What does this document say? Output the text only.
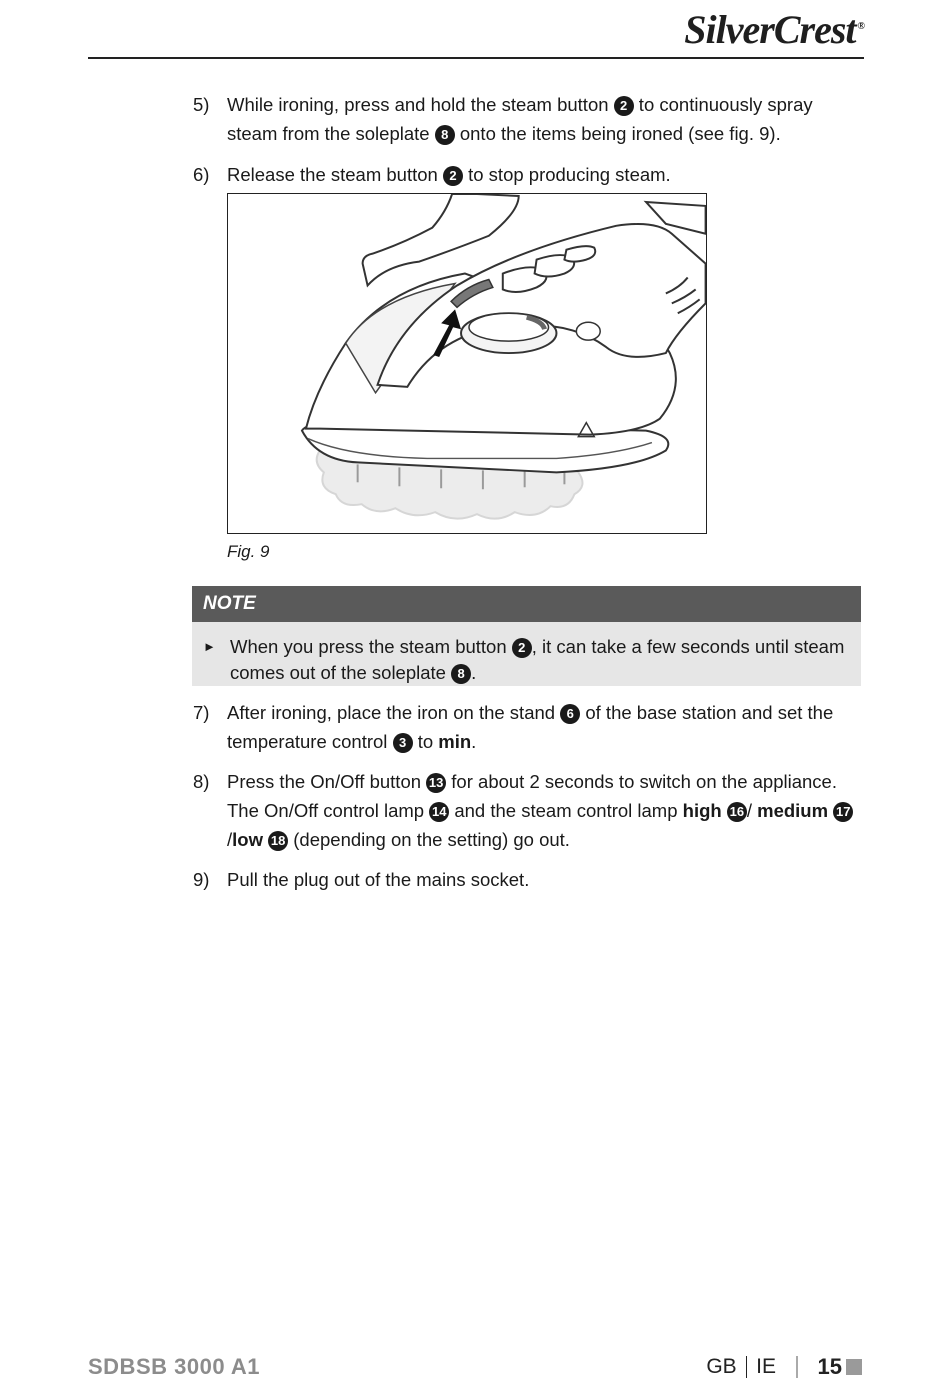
SilverCrest ®
5) While ironing, press and hold the steam button 2 to continuously spray steam from the soleplate 8 onto the items being ironed (see fig. 9).
6) Release the steam button 2 to stop producing steam.
Fig. 9
NOTE
► When you press the steam button 2 , it can take a few seconds until steam comes out of the soleplate 8 .
7) After ironing, place the iron on the stand 6 of the base station and set the temperature control 3 to min.
8) Press the On/Off button 13 for about 2 seconds to switch on the appliance. The On/Off control lamp 14 and the steam control lamp high 16 / medium 17/low 18 (depending on the setting) go out.
9) Pull the plug out of the mains socket.
SDBSB 3000 A1	GB IE 15
